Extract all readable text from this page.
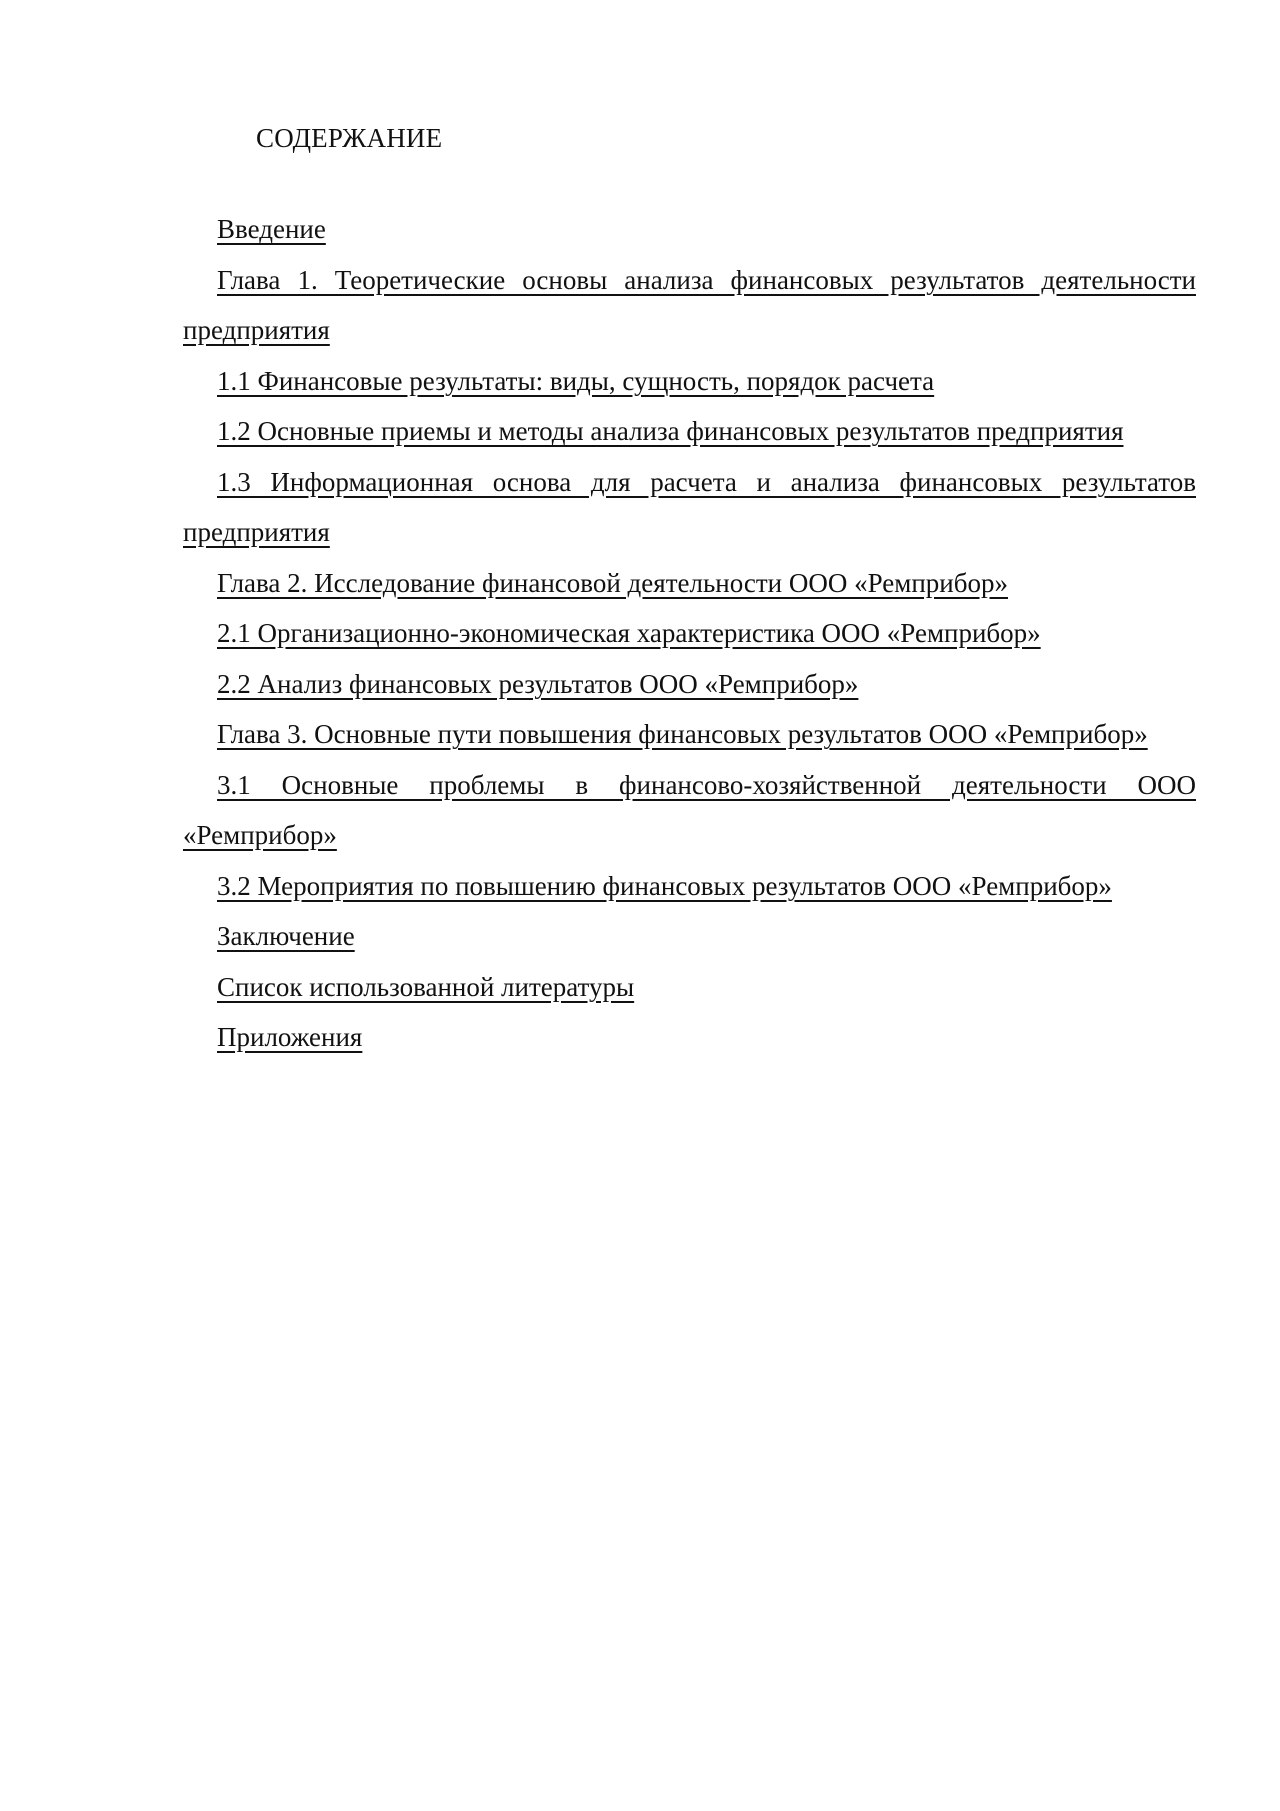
СОДЕРЖАНИЕ
Введение
Глава 1. Теоретические основы анализа финансовых результатов деятельности предприятия
1.1 Финансовые результаты: виды, сущность, порядок расчета
1.2 Основные приемы и методы анализа финансовых результатов предприятия
1.3 Информационная основа для расчета и анализа финансовых результатов предприятия
Глава 2. Исследование финансовой деятельности ООО «Ремприбор»
2.1 Организационно-экономическая характеристика ООО «Ремприбор»
2.2 Анализ финансовых результатов ООО «Ремприбор»
Глава 3. Основные пути повышения финансовых результатов ООО «Ремприбор»
3.1 Основные проблемы в финансово-хозяйственной деятельности ООО «Ремприбор»
3.2 Мероприятия по повышению финансовых результатов ООО «Ремприбор»
Заключение
Список использованной литературы
Приложения
